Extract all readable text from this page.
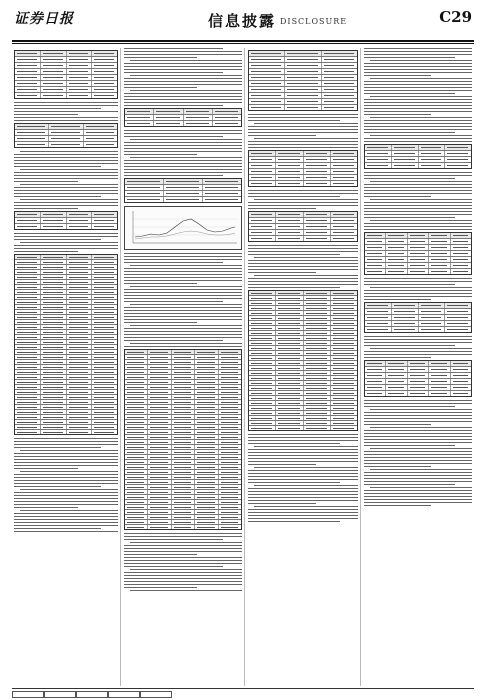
证券日报	信息披露 DISCLOSURE	C29
